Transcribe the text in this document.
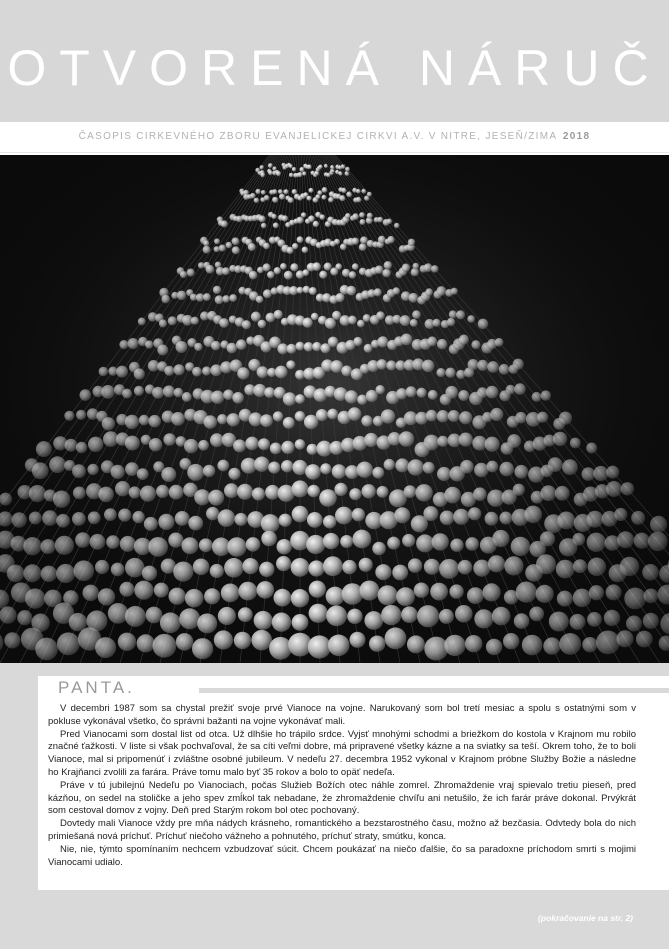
OTVORENÁ NÁRUČ
ČASOPIS CIRKEVNÉHO ZBORU EVANJELICKEJ CIRKVI A.V. V NITRE, JESEŇ/ZIMA 2018
PANTA.

V decembri 1987 som sa chystal prežiť svoje prvé Vianoce na vojne. Narukovaný som bol tretí mesiac a spolu s ostatnými som v pokluse vykonával všetko, čo správni bažanti na vojne vykonávať mali.

Pred Vianocami som dostal list od otca. Už dlhšie ho trápilo srdce. Vyjsť mnohými schodmi a briežkom do kostola v Krajnom mu robilo značné ťažkosti. V liste si však pochvaľoval, že sa cíti veľmi dobre, má pripravené všetky kázne a na sviatky sa teší. Okrem toho, že to boli Vianoce, mal si pripomenúť i zvláštne osobné jubileum. V nedeľu 27. decembra 1952 vykonal v Krajnom próbne Služby Božie a následne ho Krajňanci zvolili za farára. Práve tomu malo byť 35 rokov a bolo to opäť nedeľa.

Práve v tú jubilejnú Nedeľu po Vianociach, počas Služieb Božích otec náhle zomrel. Zhromaždenie vraj spievalo tretiu pieseň, pred kázňou, on sedel na stoličke a jeho spev zmĺkol tak nebadane, že zhromaždenie chvíľu ani netušilo, že ich farár práve dokonal. Prvýkrát som cestoval domov z vojny. Deň pred Starým rokom bol otec pochovaný.

Dovtedy mali Vianoce vždy pre mňa nádych krásneho, romantického a bezstarostného času, možno až bezčasia. Odvtedy bola do nich primiešaná nová príchuť. Príchuť niečoho vážneho a pohnutého, príchuť straty, smútku, konca.

Nie, nie, týmto spomínaním nechcem vzbudzovať súcit. Chcem poukázať na niečo ďalšie, čo sa paradoxne príchodom smrti s mojimi Vianocami udialo.

(pokračovanie na str. 2)
